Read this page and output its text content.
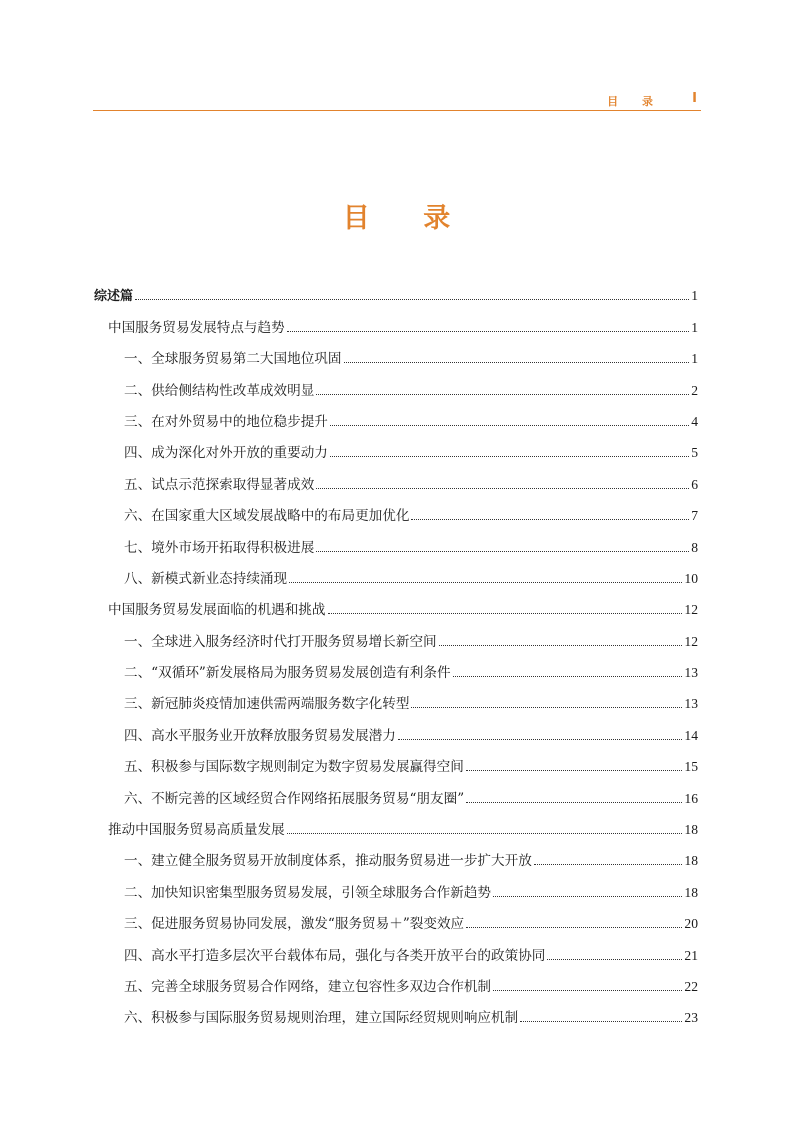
目 录 I
目 录
综述篇	1
中国服务贸易发展特点与趋势	1
一、全球服务贸易第二大国地位巩固	1
二、供给侧结构性改革成效明显	2
三、在对外贸易中的地位稳步提升	4
四、成为深化对外开放的重要动力	5
五、试点示范探索取得显著成效	6
六、在国家重大区域发展战略中的布局更加优化	7
七、境外市场开拓取得积极进展	8
八、新模式新业态持续涌现	10
中国服务贸易发展面临的机遇和挑战	12
一、全球进入服务经济时代打开服务贸易增长新空间	12
二、“双循环”新发展格局为服务贸易发展创造有利条件	13
三、新冠肺炎疫情加速供需两端服务数字化转型	13
四、高水平服务业开放释放服务贸易发展潜力	14
五、积极参与国际数字规则制定为数字贸易发展赢得空间	15
六、不断完善的区域经贸合作网络拓展服务贸易“朋友圈”	16
推动中国服务贸易高质量发展	18
一、建立健全服务贸易开放制度体系，推动服务贸易进一步扩大开放	18
二、加快知识密集型服务贸易发展，引领全球服务合作新趋势	18
三、促进服务贸易协同发展，激发“服务贸易＋”裂变效应	20
四、高水平打造多层次平台载体布局，强化与各类开放平台的政策协同	21
五、完善全球服务贸易合作网络，建立包容性多双边合作机制	22
六、积极参与国际服务贸易规则治理，建立国际经贸规则响应机制	23
